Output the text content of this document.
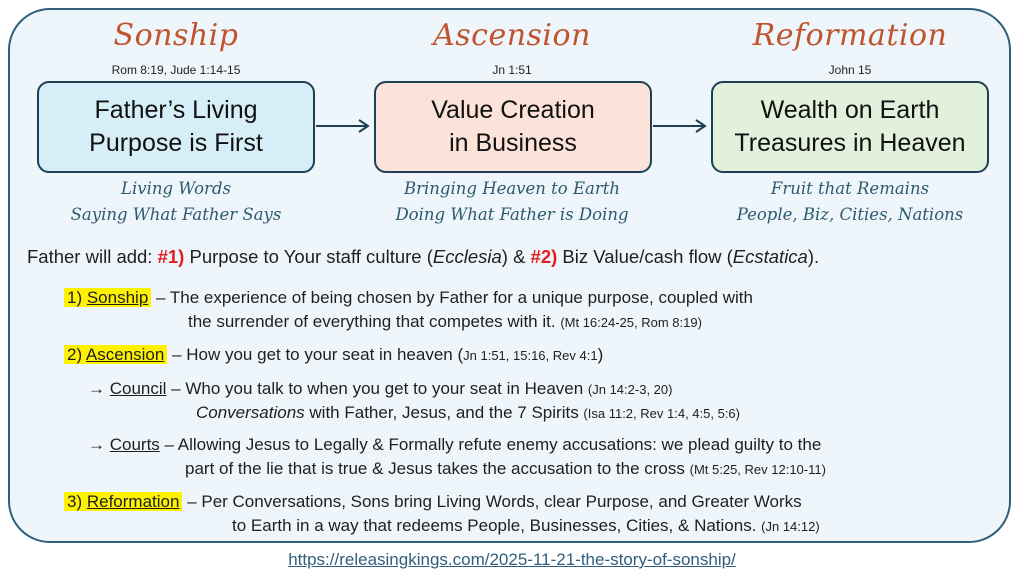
Sonship
Rom 8:19, Jude 1:14-15
Father’s Living
Purpose is First
Living Words
Saying What Father Says
Ascension
Jn 1:51
Value Creation
in Business
Bringing Heaven to Earth
Doing What Father is Doing
Reformation
John 15
Wealth on Earth
Treasures in Heaven
Fruit that Remains
People, Biz, Cities, Nations
Father will add: #1) Purpose to Your staff culture (Ecclesia) & #2) Biz Value/cash flow (Ecstatica).
1) Sonship – The experience of being chosen by Father for a unique purpose, coupled with
the surrender of everything that competes with it. (Mt 16:24-25, Rom 8:19)
2) Ascension – How you get to your seat in heaven (Jn 1:51, 15:16, Rev 4:1)
→ Council – Who you talk to when you get to your seat in Heaven (Jn 14:2-3, 20)
Conversations with Father, Jesus, and the 7 Spirits (Isa 11:2, Rev 1:4, 4:5, 5:6)
→ Courts – Allowing Jesus to Legally & Formally refute enemy accusations: we plead guilty to the
part of the lie that is true & Jesus takes the accusation to the cross (Mt 5:25, Rev 12:10-11)
3) Reformation – Per Conversations, Sons bring Living Words, clear Purpose, and Greater Works
to Earth in a way that redeems People, Businesses, Cities, & Nations. (Jn 14:12)
https://releasingkings.com/2025-11-21-the-story-of-sonship/
